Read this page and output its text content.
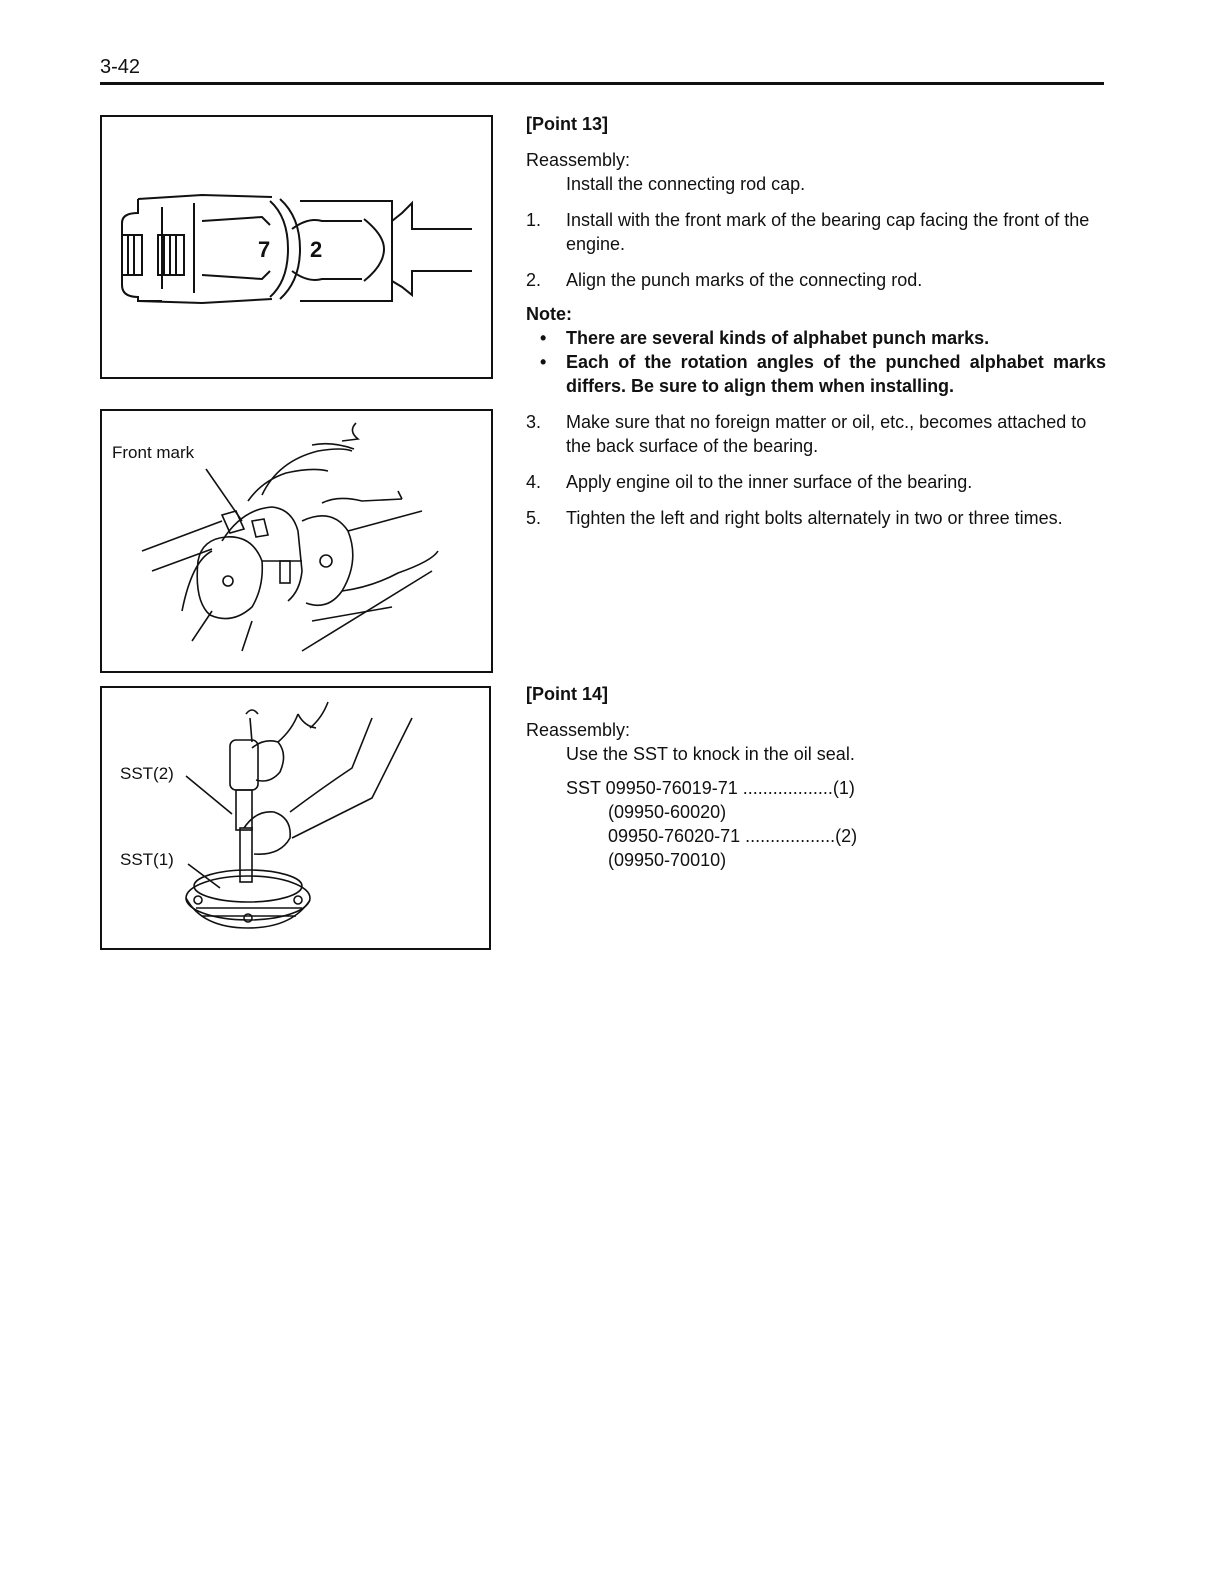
3-42
7 2
Front mark
SST(2)
SST(1)
[Point 13]
Reassembly:
Install the connecting rod cap.
1.	Install with the front mark of the bearing cap facing the front of the engine.
2.	Align the punch marks of the connecting rod.
Note:
•	There are several kinds of alphabet punch marks.
•	Each of the rotation angles of the punched alphabet marks differs. Be sure to align them when installing.
3.	Make sure that no foreign matter or oil, etc., becomes attached to the back surface of the bearing.
4.	Apply engine oil to the inner surface of the bearing.
5.	Tighten the left and right bolts alternately in two or three times.
[Point 14]
Reassembly:
Use the SST to knock in the oil seal.
SST 09950-76019-71 ..................(1)
(09950-60020)
09950-76020-71 ..................(2)
(09950-70010)
